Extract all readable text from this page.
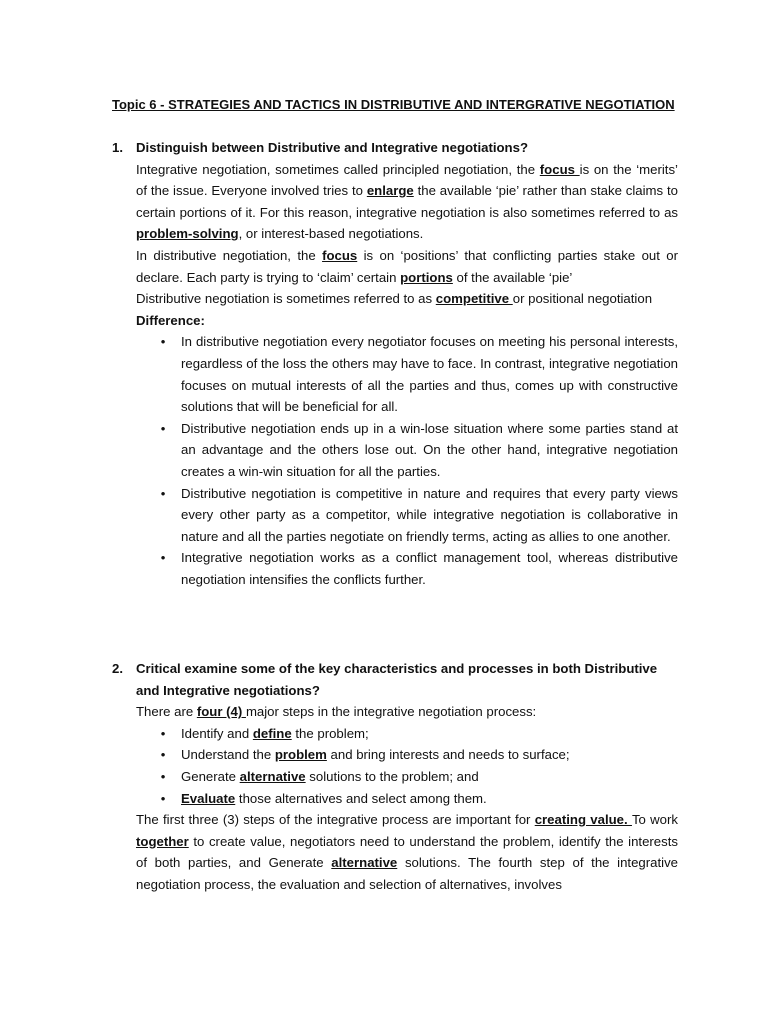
Topic 6 - STRATEGIES AND TACTICS IN DISTRIBUTIVE AND INTERGRATIVE NEGOTIATION
1. Distinguish between Distributive and Integrative negotiations?

Integrative negotiation, sometimes called principled negotiation, the focus is on the ‘merits’ of the issue. Everyone involved tries to enlarge the available ‘pie’ rather than stake claims to certain portions of it. For this reason, integrative negotiation is also sometimes referred to as problem-solving, or interest-based negotiations.

In distributive negotiation, the focus is on ‘positions’ that conflicting parties stake out or declare. Each party is trying to ‘claim’ certain portions of the available ‘pie’

Distributive negotiation is sometimes referred to as competitive or positional negotiation

Difference:

• In distributive negotiation every negotiator focuses on meeting his personal interests, regardless of the loss the others may have to face. In contrast, integrative negotiation focuses on mutual interests of all the parties and thus, comes up with constructive solutions that will be beneficial for all.
• Distributive negotiation ends up in a win-lose situation where some parties stand at an advantage and the others lose out. On the other hand, integrative negotiation creates a win-win situation for all the parties.
• Distributive negotiation is competitive in nature and requires that every party views every other party as a competitor, while integrative negotiation is collaborative in nature and all the parties negotiate on friendly terms, acting as allies to one another.
• Integrative negotiation works as a conflict management tool, whereas distributive negotiation intensifies the conflicts further.
2. Critical examine some of the key characteristics and processes in both Distributive and Integrative negotiations?

There are four (4) major steps in the integrative negotiation process:

• Identify and define the problem;
• Understand the problem and bring interests and needs to surface;
• Generate alternative solutions to the problem; and
• Evaluate those alternatives and select among them.

The first three (3) steps of the integrative process are important for creating value. To work together to create value, negotiators need to understand the problem, identify the interests of both parties, and Generate alternative solutions. The fourth step of the integrative negotiation process, the evaluation and selection of alternatives, involves
